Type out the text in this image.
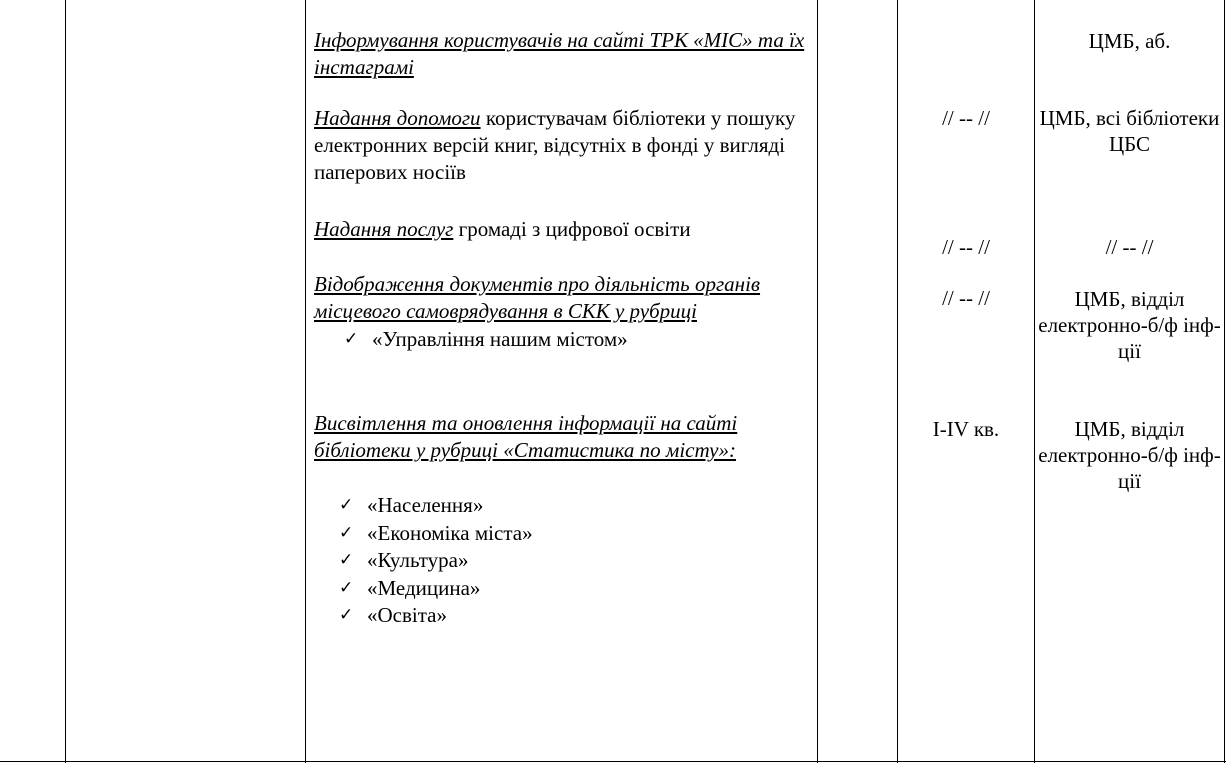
Інформування користувачів на сайті ТРК «МІС» та їх інстаграмі
Надання допомоги користувачам бібліотеки у пошуку електронних версій книг, відсутніх в фонді у вигляді паперових носіїв
Надання послуг громаді з цифрової освіти
Відображення документів про діяльність органів місцевого самоврядування в СКК у рубриці
✓ «Управління нашим містом»
Висвітлення та оновлення інформації на сайті бібліотеки у рубриці «Статистика по місту»:
✓ «Населення»
✓ «Економіка міста»
✓ «Культура»
✓ «Медицина»
✓ «Освіта»
// -- //
// -- //
// -- //
I-IV кв.
ЦМБ, аб.
ЦМБ, всі бібліотеки ЦБС
// -- //
ЦМБ, відділ електронно-б/ф інф-ції
ЦМБ, відділ електронно-б/ф інф-ції
